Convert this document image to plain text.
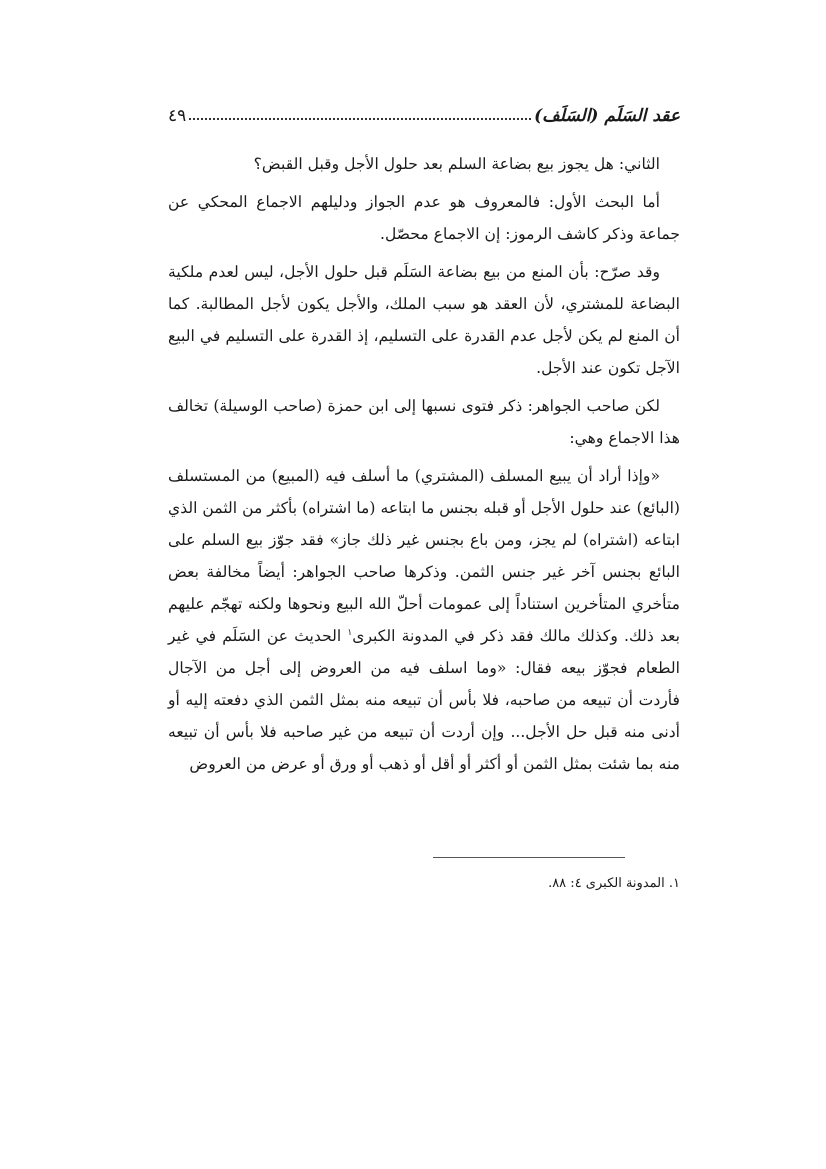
عقد السَلَم (السَلَف)
٤٩

الثاني: هل يجوز بيع بضاعة السلم بعد حلول الأجل وقبل القبض؟

أما البحث الأول: فالمعروف هو عدم الجواز ودليلهم الاجماع المحكي عن جماعة وذكر كاشف الرموز: إن الاجماع محصّل.

وقد صرّح: بأن المنع من بيع بضاعة السَلَم قبل حلول الأجل، ليس لعدم ملكية البضاعة للمشتري، لأن العقد هو سبب الملك، والأجل يكون لأجل المطالبة. كما أن المنع لم يكن لأجل عدم القدرة على التسليم، إذ القدرة على التسليم في البيع الآجل تكون عند الأجل.

لكن صاحب الجواهر: ذكر فتوى نسبها إلى ابن حمزة (صاحب الوسيلة) تخالف هذا الاجماع وهي:

«وإذا أراد أن يبيع المسلف (المشتري) ما أسلف فيه (المبيع) من المستسلف (البائع) عند حلول الأجل أو قبله بجنس ما ابتاعه (ما اشتراه) بأكثر من الثمن الذي ابتاعه (اشتراه) لم يجز، ومن باع بجنس غير ذلك جاز» فقد جوّز بيع السلم على البائع بجنس آخر غير جنس الثمن. وذكرها صاحب الجواهر: أيضاً مخالفة بعض متأخري المتأخرين استناداً إلى عمومات أحلّ الله البيع ونحوها ولكنه تهجّم عليهم بعد ذلك. وكذلك مالك فقد ذكر في المدونة الكبرى$^١$ الحديث عن السَلَم في غير الطعام فجوّز بيعه فقال: «وما اسلف فيه من العروض إلى أجل من الآجال فأردت أن تبيعه من صاحبه، فلا بأس أن تبيعه منه بمثل الثمن الذي دفعته إليه أو أدنى منه قبل حل الأجل... وإن أردت أن تبيعه من غير صاحبه فلا بأس أن تبيعه منه بما شئت بمثل الثمن أو أكثر أو أقل أو ذهب أو ورق أو عرض من العروض

١. المدونة الكبرى ٤: ٨٨.
